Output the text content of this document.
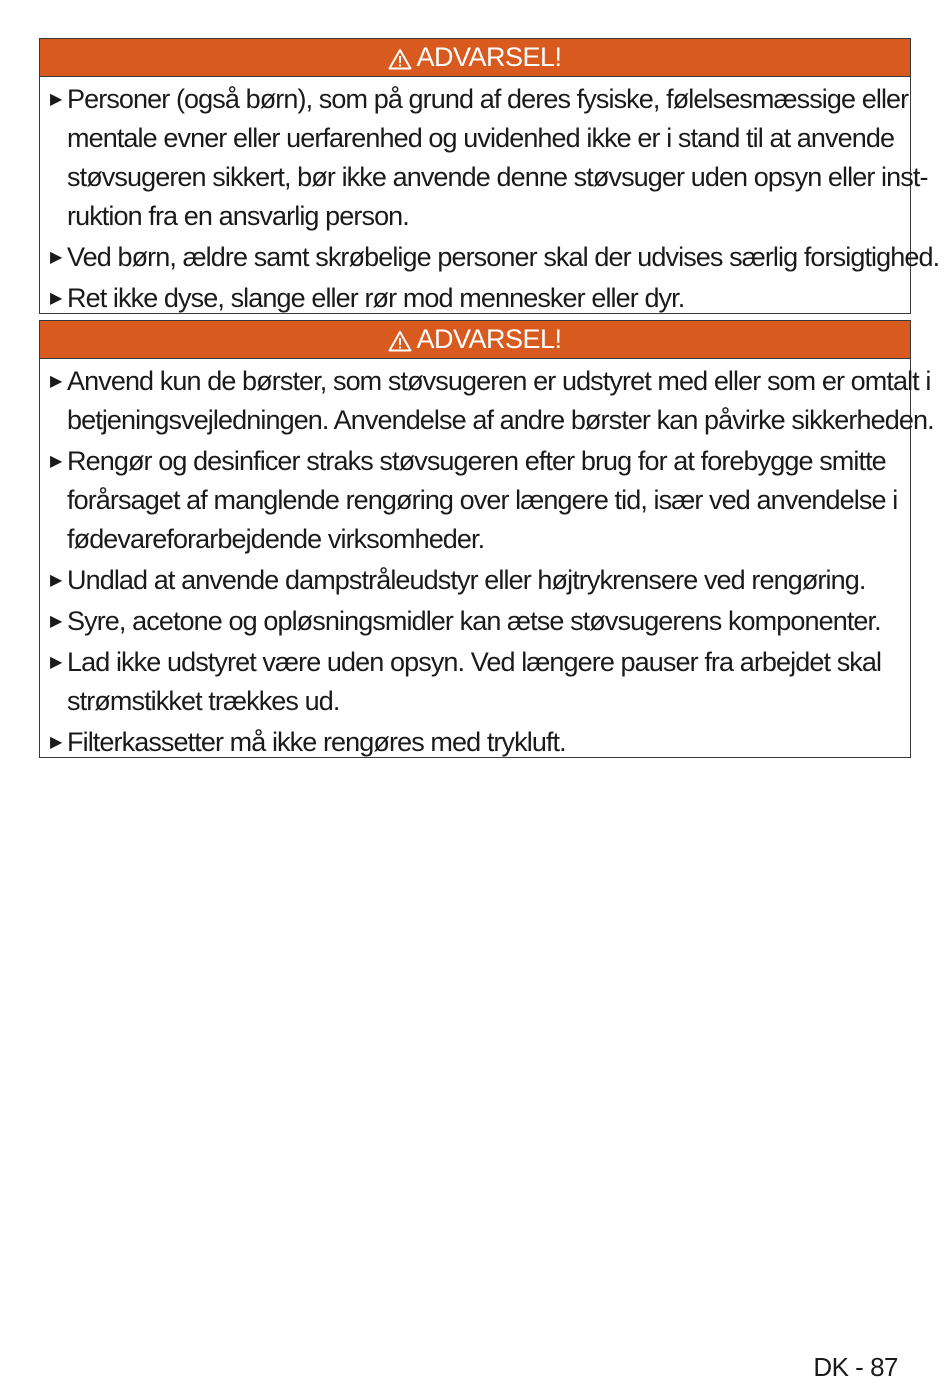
ADVARSEL!
▶ Personer (også børn), som på grund af deres fysiske, følelsesmæssige eller
mentale evner eller uerfarenhed og uvidenhed ikke er i stand til at anvende
støvsugeren sikkert, bør ikke anvende denne støvsuger uden opsyn eller inst-
ruktion fra en ansvarlig person.
▶ Ved børn, ældre samt skrøbelige personer skal der udvises særlig forsigtighed.
▶ Ret ikke dyse, slange eller rør mod mennesker eller dyr.
ADVARSEL!
▶ Anvend kun de børster, som støvsugeren er udstyret med eller som er omtalt i
betjeningsvejledningen. Anvendelse af andre børster kan påvirke sikkerheden.
▶ Rengør og desinficer straks støvsugeren efter brug for at forebygge smitte
forårsaget af manglende rengøring over længere tid, især ved anvendelse i
fødevareforarbejdende virksomheder.
▶ Undlad at anvende dampstråleudstyr eller højtrykrensere ved rengøring.
▶ Syre, acetone og opløsningsmidler kan ætse støvsugerens komponenter.
▶ Lad ikke udstyret være uden opsyn. Ved længere pauser fra arbejdet skal
strømstikket trækkes ud.
▶ Filterkassetter må ikke rengøres med trykluft.
DK - 87
